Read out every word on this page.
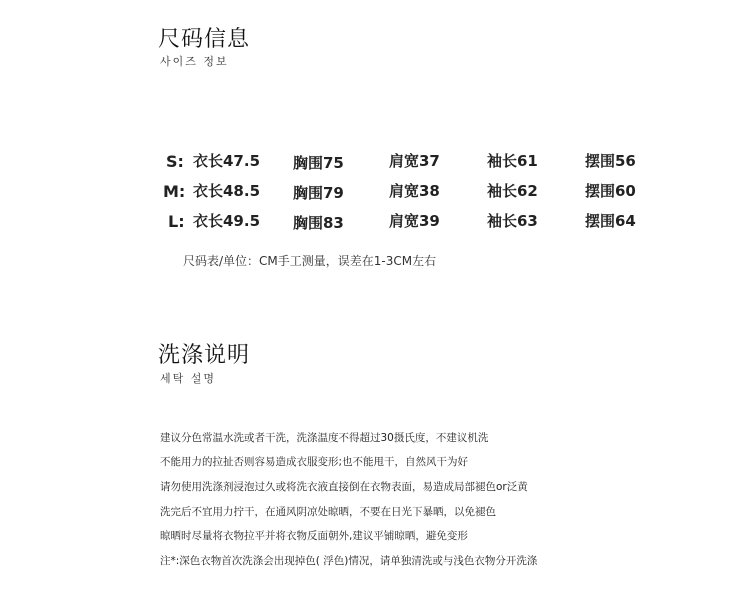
尺码信息
사이즈 정보
S: 衣长47.5 胸围75	肩宽37	袖长61	摆围56
M: 衣长48.5 胸围79	肩宽38	袖长62	摆围60
L: 衣长49.5 胸围83	肩宽39	袖长63	摆围64
尺码表/单位：CM手工测量，误差在1-3CM左右
洗涤说明
세탁 설명
建议分色常温水洗或者干洗，洗涤温度不得超过30摄氏度，不建议机洗
不能用力的拉扯否则容易造成衣服变形;也不能甩干，自然风干为好
请勿使用洗涤剂浸泡过久或将洗衣液直接倒在衣物表面，易造成局部褪色or泛黄
洗完后不宜用力拧干，在通风阴凉处晾晒，不要在日光下暴晒，以免褪色
晾晒时尽量将衣物拉平并将衣物反面朝外,建议平铺晾晒，避免变形
注*:深色衣物首次洗涤会出现掉色( 浮色)情况，请单独清洗或与浅色衣物分开洗涤
